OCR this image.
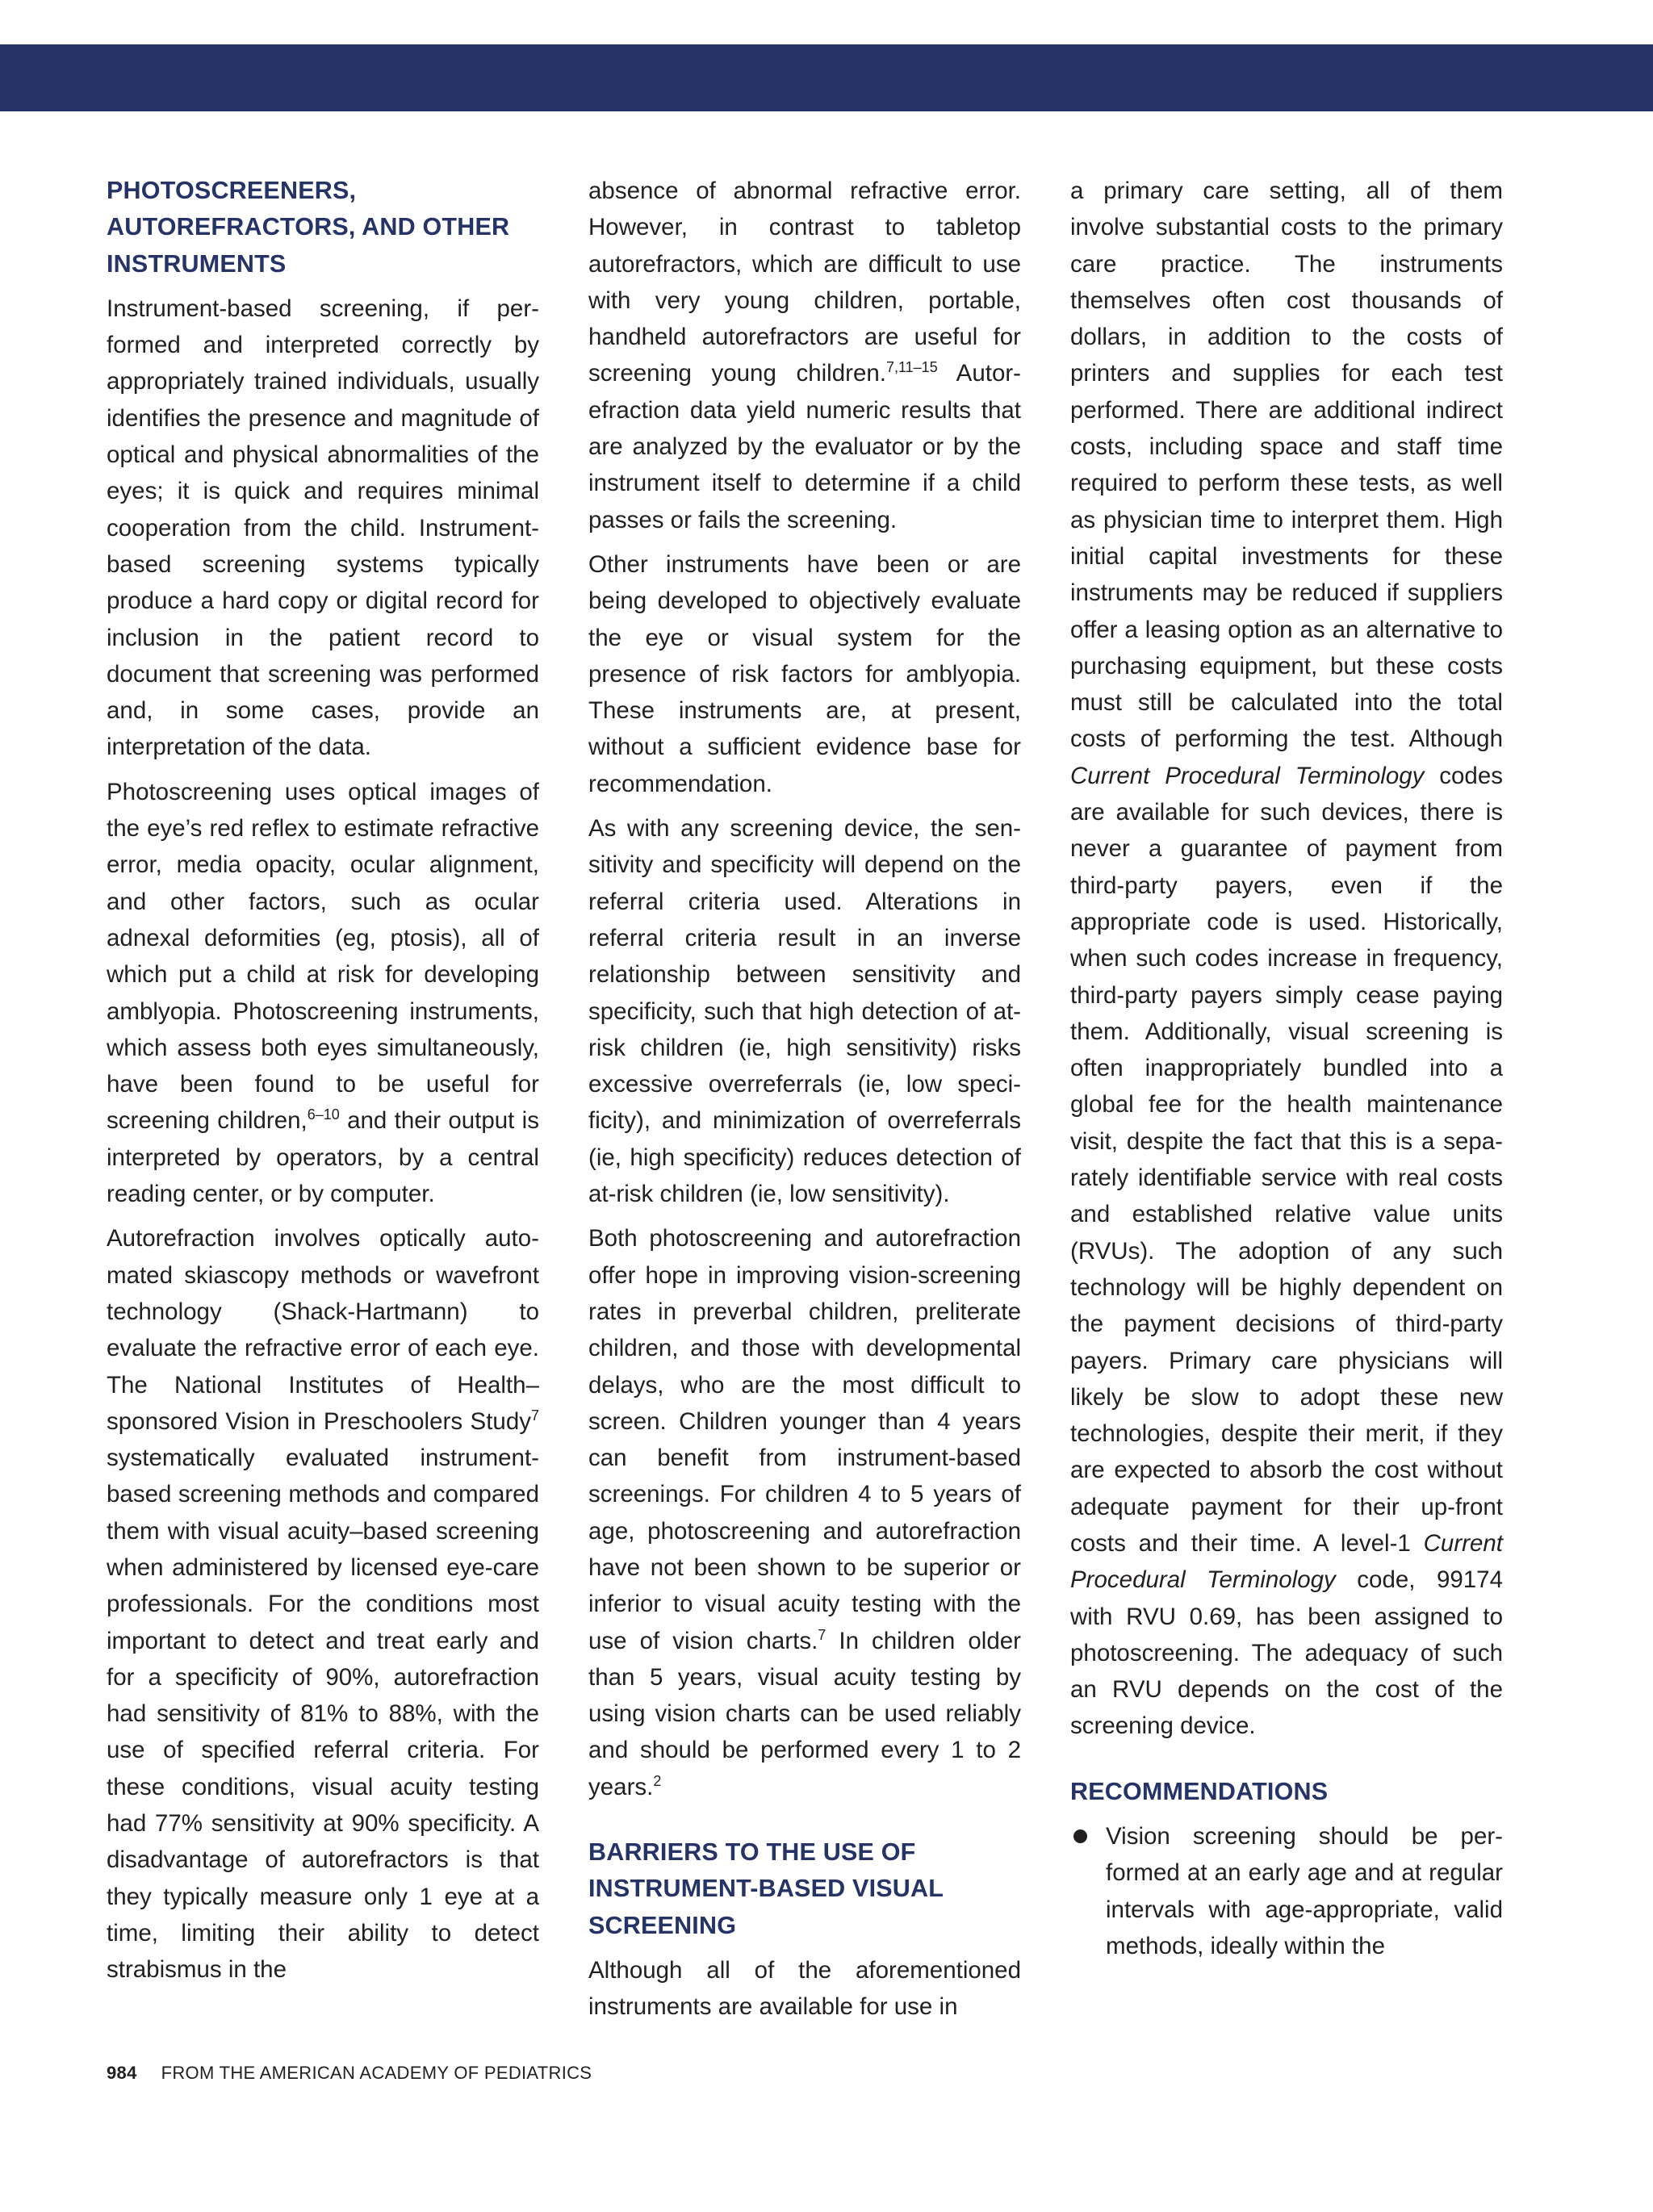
PHOTOSCREENERS, AUTOREFRACTORS, AND OTHER INSTRUMENTS

Instrument-based screening, if performed and interpreted correctly by appropriately trained individuals, usually identifies the presence and magnitude of optical and physical abnormalities of the eyes; it is quick and requires minimal cooperation from the child. Instrument-based screening systems typically produce a hard copy or digital record for inclusion in the patient record to document that screening was performed and, in some cases, provide an interpretation of the data.

Photoscreening uses optical images of the eye’s red reflex to estimate refractive error, media opacity, ocular alignment, and other factors, such as ocular adnexal deformities (eg, ptosis), all of which put a child at risk for developing amblyopia. Photoscreening instruments, which assess both eyes simultaneously, have been found to be useful for screening children,$^{6-10}$ and their output is interpreted by operators, by a central reading center, or by computer.

Autorefraction involves optically automated skiascopy methods or wavefront technology (Shack-Hartmann) to evaluate the refractive error of each eye. The National Institutes of Health–sponsored Vision in Preschoolers Study$^7$ systematically evaluated instrument-based screening methods and compared them with visual acuity–based screening when administered by licensed eye-care professionals. For the conditions most important to detect and treat early and for a specificity of 90%, autorefraction had sensitivity of 81% to 88%, with the use of specified referral criteria. For these conditions, visual acuity testing had 77% sensitivity at 90% specificity. A disadvantage of autorefractors is that they typically measure only 1 eye at a time, limiting their ability to detect strabismus in the

absence of abnormal refractive error. However, in contrast to tabletop autorefractors, which are difficult to use with very young children, portable, handheld autorefractors are useful for screening young children.$^{7,11-15}$ Autorefraction data yield numeric results that are analyzed by the evaluator or by the instrument itself to determine if a child passes or fails the screening.

Other instruments have been or are being developed to objectively evaluate the eye or visual system for the presence of risk factors for amblyopia. These instruments are, at present, without a sufficient evidence base for recommendation.

As with any screening device, the sensitivity and specificity will depend on the referral criteria used. Alterations in referral criteria result in an inverse relationship between sensitivity and specificity, such that high detection of at-risk children (ie, high sensitivity) risks excessive overreferrals (ie, low specificity), and minimization of overreferrals (ie, high specificity) reduces detection of at-risk children (ie, low sensitivity).

Both photoscreening and autorefraction offer hope in improving vision-screening rates in preverbal children, preliterate children, and those with developmental delays, who are the most difficult to screen. Children younger than 4 years can benefit from instrument-based screenings. For children 4 to 5 years of age, photoscreening and autorefraction have not been shown to be superior or inferior to visual acuity testing with the use of vision charts.$^7$ In children older than 5 years, visual acuity testing by using vision charts can be used reliably and should be performed every 1 to 2 years.$^2$

BARRIERS TO THE USE OF INSTRUMENT-BASED VISUAL SCREENING

Although all of the aforementioned instruments are available for use in

a primary care setting, all of them involve substantial costs to the primary care practice. The instruments themselves often cost thousands of dollars, in addition to the costs of printers and supplies for each test performed. There are additional indirect costs, including space and staff time required to perform these tests, as well as physician time to interpret them. High initial capital investments for these instruments may be reduced if suppliers offer a leasing option as an alternative to purchasing equipment, but these costs must still be calculated into the total costs of performing the test. Although Current Procedural Terminology codes are available for such devices, there is never a guarantee of payment from third-party payers, even if the appropriate code is used. Historically, when such codes increase in frequency, third-party payers simply cease paying them. Additionally, visual screening is often inappropriately bundled into a global fee for the health maintenance visit, despite the fact that this is a separately identifiable service with real costs and established relative value units (RVUs). The adoption of any such technology will be highly dependent on the payment decisions of third-party payers. Primary care physicians will likely be slow to adopt these new technologies, despite their merit, if they are expected to absorb the cost without adequate payment for their up-front costs and their time. A level-1 Current Procedural Terminology code, 99174 with RVU 0.69, has been assigned to photoscreening. The adequacy of such an RVU depends on the cost of the screening device.

RECOMMENDATIONS
Vision screening should be performed at an early age and at regular intervals with age-appropriate, valid methods, ideally within the
984 FROM THE AMERICAN ACADEMY OF PEDIATRICS
